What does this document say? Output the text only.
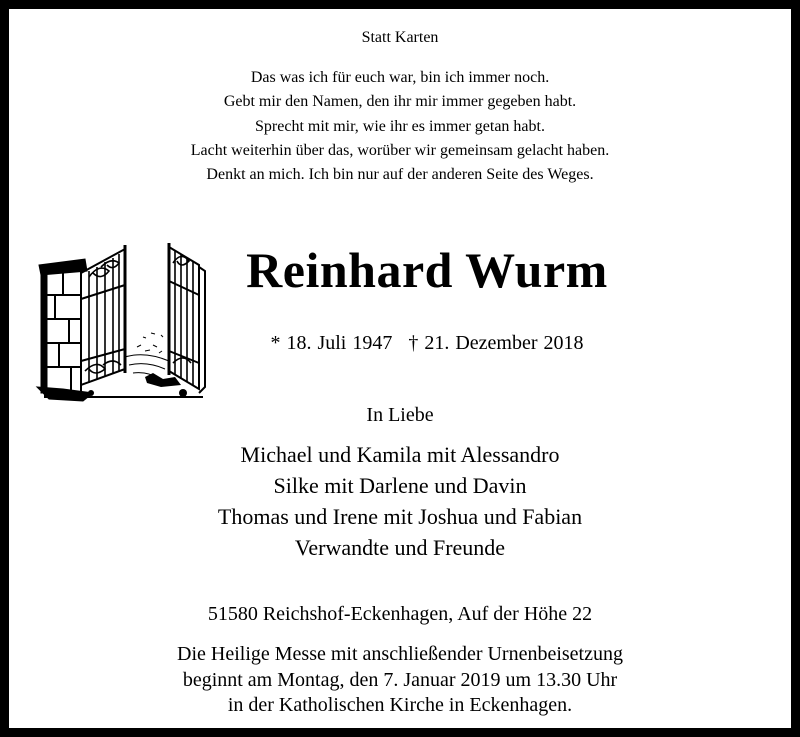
Statt Karten
Das was ich für euch war, bin ich immer noch.
Gebt mir den Namen, den ihr mir immer gegeben habt.
Sprecht mit mir, wie ihr es immer getan habt.
Lacht weiterhin über das, worüber wir gemeinsam gelacht haben.
Denkt an mich. Ich bin nur auf der anderen Seite des Weges.
Reinhard Wurm
* 18. Juli 1947 † 21. Dezember 2018
In Liebe
Michael und Kamila mit Alessandro
Silke mit Darlene und Davin
Thomas und Irene mit Joshua und Fabian
Verwandte und Freunde
51580 Reichshof-Eckenhagen, Auf der Höhe 22
Die Heilige Messe mit anschließender Urnenbeisetzung
beginnt am Montag, den 7. Januar 2019 um 13.30 Uhr
in der Katholischen Kirche in Eckenhagen.
